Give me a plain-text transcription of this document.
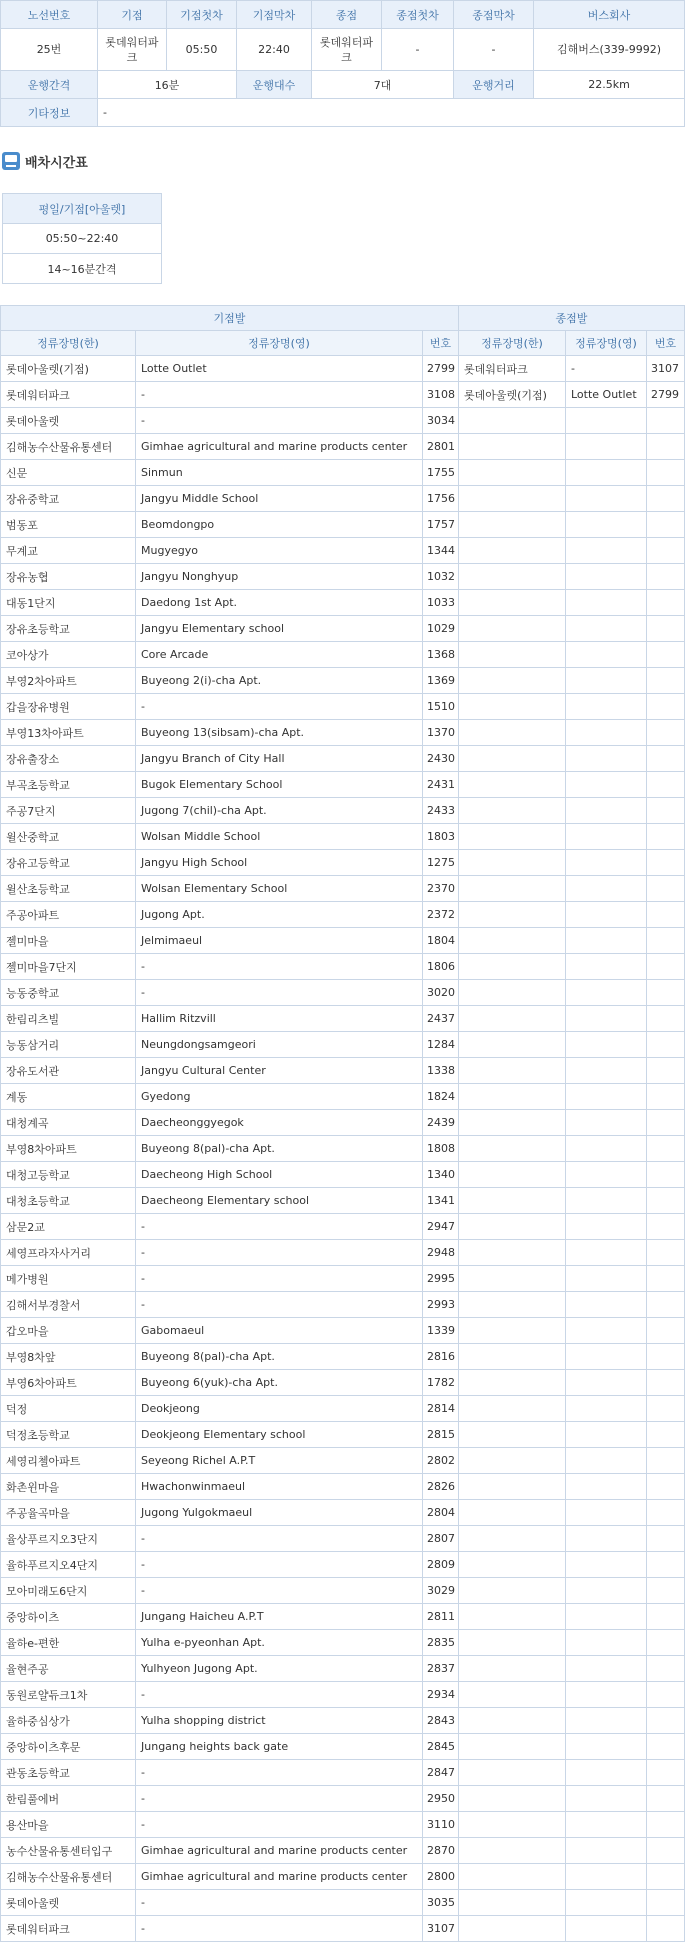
노선번호	기점	기점첫차	기점막차	종점	종점첫차	종점막차	버스회사
25번	롯데워터파크	05:50	22:40	롯데워터파크	-	-	김해버스(339-9992)
운행간격	16분		운행대수	7대		운행거리	22.5km
기타정보	-						
배차시간표
평일/기점[아울렛]
05:50~22:40
14~16분간격
기점발			종점발		
정류장명(한)	정류장명(영)	번호	정류장명(한)	정류장명(영)	번호
롯데아울렛(기점)	Lotte Outlet	2799	롯데워터파크	-	3107
롯데워터파크	-	3108	롯데아울렛(기점)	Lotte Outlet	2799
롯데아울렛	-	3034			
김해농수산물유통센터	Gimhae agricultural and marine products center	2801			
신문	Sinmun	1755			
장유중학교	Jangyu Middle School	1756			
범동포	Beomdongpo	1757			
무계교	Mugyegyo	1344			
장유농협	Jangyu Nonghyup	1032			
대동1단지	Daedong 1st Apt.	1033			
장유초등학교	Jangyu Elementary school	1029			
코아상가	Core Arcade	1368			
부영2차아파트	Buyeong 2(i)-cha Apt.	1369			
갑을장유병원	-	1510			
부영13차아파트	Buyeong 13(sibsam)-cha Apt.	1370			
장유출장소	Jangyu Branch of City Hall	2430			
부곡초등학교	Bugok Elementary School	2431			
주공7단지	Jugong 7(chil)-cha Apt.	2433			
윌산중학교	Wolsan Middle School	1803			
장유고등학교	Jangyu High School	1275			
윌산초등학교	Wolsan Elementary School	2370			
주공아파트	Jugong Apt.	2372			
젤미마을	Jelmimaeul	1804			
젤미마을7단지	-	1806			
능동중학교	-	3020			
한림리츠빌	Hallim Ritzvill	2437			
능동삼거리	Neungdongsamgeori	1284			
장유도서관	Jangyu Cultural Center	1338			
계동	Gyedong	1824			
대청계곡	Daecheonggyegok	2439			
부영8차아파트	Buyeong 8(pal)-cha Apt.	1808			
대청고등학교	Daecheong High School	1340			
대청초등학교	Daecheong Elementary school	1341			
삼문2교	-	2947			
세영프라자사거리	-	2948			
메가병원	-	2995			
김해서부경찰서	-	2993			
갑오마을	Gabomaeul	1339			
부영8차앞	Buyeong 8(pal)-cha Apt.	2816			
부영6차아파트	Buyeong 6(yuk)-cha Apt.	1782			
덕정	Deokjeong	2814			
덕정초등학교	Deokjeong Elementary school	2815			
세영리첼아파트	Seyeong Richel A.P.T	2802			
화촌윈마을	Hwachonwinmaeul	2826			
주공율곡마을	Jugong Yulgokmaeul	2804			
율상푸르지오3단지	-	2807			
율하푸르지오4단지	-	2809			
모아미래도6단지	-	3029			
중앙하이츠	Jungang Haicheu A.P.T	2811			
율하e-편한	Yulha e-pyeonhan Apt.	2835			
율현주공	Yulhyeon Jugong Apt.	2837			
동원로얄듀크1차	-	2934			
율하중심상가	Yulha shopping district	2843			
중앙하이츠후문	Jungang heights back gate	2845			
관동초등학교	-	2847			
한림풀에버	-	2950			
용산마을	-	3110			
농수산물유통센터입구	Gimhae agricultural and marine products center	2870			
김해농수산물유통센터	Gimhae agricultural and marine products center	2800			
롯데아울렛	-	3035			
롯데워터파크	-	3107			
